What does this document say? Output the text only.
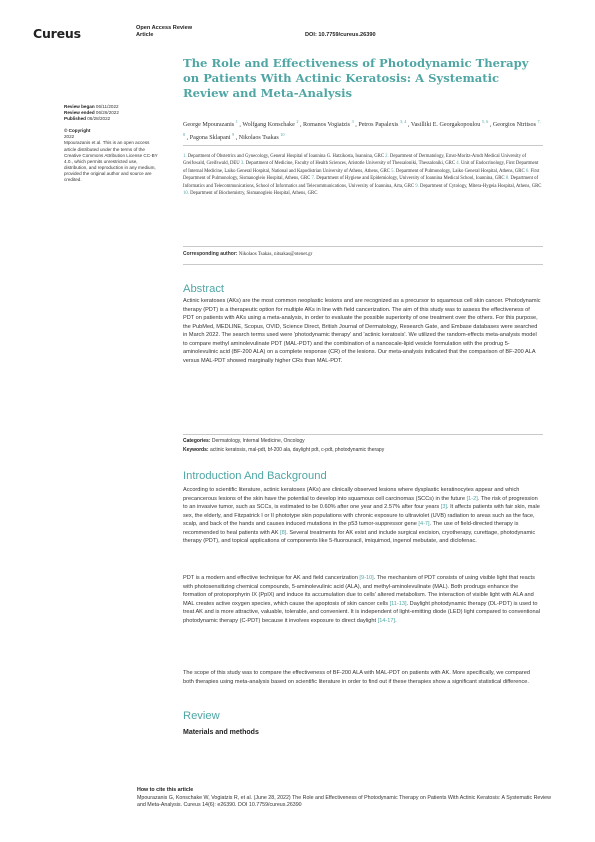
Cureus	Open Access Review
Article	DOI: 10.7759/cureus.26390
The Role and Effectiveness of Photodynamic Therapy on Patients With Actinic Keratosis: A Systematic Review and Meta-Analysis
George Mpourazanis $^1$ , Wolfgang Konschake $^2$ , Romanos Vogiatzis $^3$ , Petros Papalexis $^{3, 4}$ , Vasilliki E. Georgakopoulou $^{5, 6}$ , Georgios Ntritsos $^{7, 8}$ , Pagona Sklapani $^9$ , Nikolaos Tsakas $^{10}$
Review began 06/11/2022
Review ended 06/26/2022
Published 06/28/2022
© Copyright
2022
Mpourazanis et al. This is an open access article distributed under the terms of the Creative Commons Attribution License CC-BY 4.0., which permits unrestricted use, distribution, and reproduction in any medium, provided the original author and source are credited.
1. Department of Obstetrics and Gynecology, General Hospital of Ioannina G. Hatzikosta, Ioannina, GRC 2. Department of Dermatology, Ernst-Moritz-Arndt Medical University of Greifswald, Greifswald, DEU 3. Department of Medicine, Faculty of Health Sciences, Aristotle University of Thessaloniki, Thessaloniki, GRC 4. Unit of Endocrinology, First Department of Internal Medicine, Laiko General Hospital, National and Kapodistrian University of Athens, Athens, GRC 5. Department of Pulmonology, Laiko General Hospital, Athens, GRC 6. First Department of Pulmonology, Sismanogleio Hospital, Athens, GRC 7. Department of Hygiene and Epidemiology, University of Ioannina Medical School, Ioannina, GRC 8. Department of Informatics and Telecommunications, School of Informatics and Telecommunications, University of Ioannina, Arta, GRC 9. Department of Cytology, Mitera-Hygeia Hospital, Athens, GRC 10. Department of Biochemistry, Sismanogleio Hospital, Athens, GRC
Corresponding author: Nikolaos Tsakas, nitsakas@otenet.gr
Abstract
Actinic keratoses (AKs) are the most common neoplastic lesions and are recognized as a precursor to squamous cell skin cancer. Photodynamic therapy (PDT) is a therapeutic option for multiple AKs in line with field cancerization. The aim of this study was to assess the effectiveness of PDT on patients with AKs using a meta-analysis, in order to evaluate the possible superiority of one treatment over the others. For this purpose, the PubMed, MEDLINE, Scopus, OVID, Science Direct, British Journal of Dermatology, Research Gate, and Embase databases were searched in March 2022. The search terms used were 'photodynamic therapy' and 'actinic keratosis'. We utilized the random-effects meta-analysis model to compare methyl aminolevulinate PDT (MAL-PDT) and the combination of a nanoscale-lipid vesicle formulation with the prodrug 5-aminolevulinic acid (BF-200 ALA) on a complete response (CR) of the lesions. Our meta-analysis indicated that the comparison of BF-200 ALA versus MAL-PDT showed marginally higher CRs than MAL-PDT.
Categories: Dermatology, Internal Medicine, Oncology
Keywords: actinic keratosis, mal-pdt, bf-200 ala, daylight pdt, c-pdt, photodynamic therapy
Introduction And Background
According to scientific literature, actinic keratoses (AKs) are clinically observed lesions where dysplastic keratinocytes appear and which precancerous lesions of the skin have the potential to develop into squamous cell carcinomas (SCCs) in the future [1-2]. The risk of progression to an invasive tumor, such as SCCs, is estimated to be 0.60% after one year and 2.57% after four years [3]. It affects patients with fair skin, male sex, the elderly, and Fitzpatrick I or II phototype skin populations with chronic exposure to ultraviolet (UVB) radiation to areas such as the face, scalp, and back of the hands and causes induced mutations in the p53 tumor-suppressor gene [4-7]. The use of field-directed therapy is recommended to heal patients with AK [8]. Several treatments for AK exist and include surgical excision, cryotherapy, curettage, photodynamic therapy (PDT), and topical applications of components like 5-fluorouracil, imiquimod, ingenol mebutate, and diclofenac.
PDT is a modern and effective technique for AK and field cancerization [9-10]. The mechanism of PDT consists of using visible light that reacts with photosensitizing chemical compounds, 5-aminolevulinic acid (ALA), and methyl-aminolevulinate (MAL). Both prodrugs enhance the formation of protoporphyrin IX (PpIX) and induce its accumulation due to cells' altered metabolism. The interaction of visible light with ALA and MAL creates active oxygen species, which cause the apoptosis of skin cancer cells [11-13]. Daylight photodynamic therapy (DL-PDT) is used to treat AK and is more attractive, valuable, tolerable, and convenient. It is independent of light-emitting diode (LED) light compared to conventional photodynamic therapy (C-PDT) because it involves exposure to direct daylight [14-17].
The scope of this study was to compare the effectiveness of BF-200 ALA with MAL-PDT on patients with AK. More specifically, we compared both therapies using meta-analysis based on scientific literature in order to find out if these therapies show a significant statistical difference.
Review
Materials and methods
How to cite this article
Mpourazanis G, Konschake W, Vogiatzis R, et al. (June 28, 2022) The Role and Effectiveness of Photodynamic Therapy on Patients With Actinic Keratosis: A Systematic Review and Meta-Analysis. Cureus 14(6): e26390. DOI 10.7759/cureus.26390
